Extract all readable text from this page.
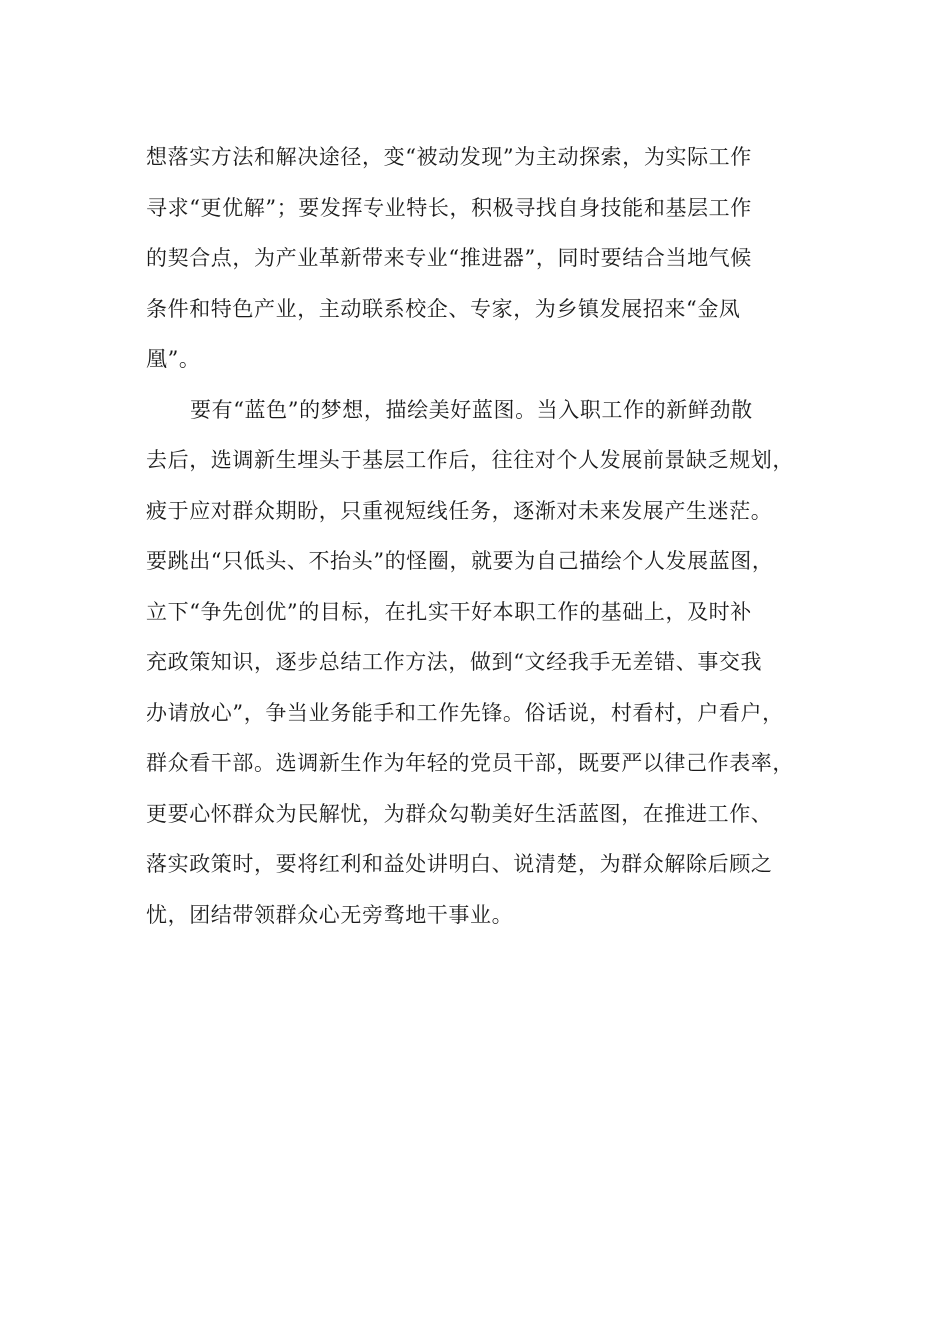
想落实方法和解决途径，变“被动发现”为主动探索，为实际工作
寻求“更优解”；要发挥专业特长，积极寻找自身技能和基层工作
的契合点，为产业革新带来专业“推进器”，同时要结合当地气候
条件和特色产业，主动联系校企、专家，为乡镇发展招来“金凤
凰”。

要有“蓝色”的梦想，描绘美好蓝图。当入职工作的新鲜劲散
去后，选调新生埋头于基层工作后，往往对个人发展前景缺乏规划，
疲于应对群众期盼，只重视短线任务，逐渐对未来发展产生迷茫。
要跳出“只低头、不抬头”的怪圈，就要为自己描绘个人发展蓝图，
立下“争先创优”的目标，在扎实干好本职工作的基础上，及时补
充政策知识，逐步总结工作方法，做到“文经我手无差错、事交我
办请放心”，争当业务能手和工作先锋。俗话说，村看村，户看户，
群众看干部。选调新生作为年轻的党员干部，既要严以律己作表率，
更要心怀群众为民解忧，为群众勾勒美好生活蓝图，在推进工作、
落实政策时，要将红利和益处讲明白、说清楚，为群众解除后顾之
忧，团结带领群众心无旁骛地干事业。
